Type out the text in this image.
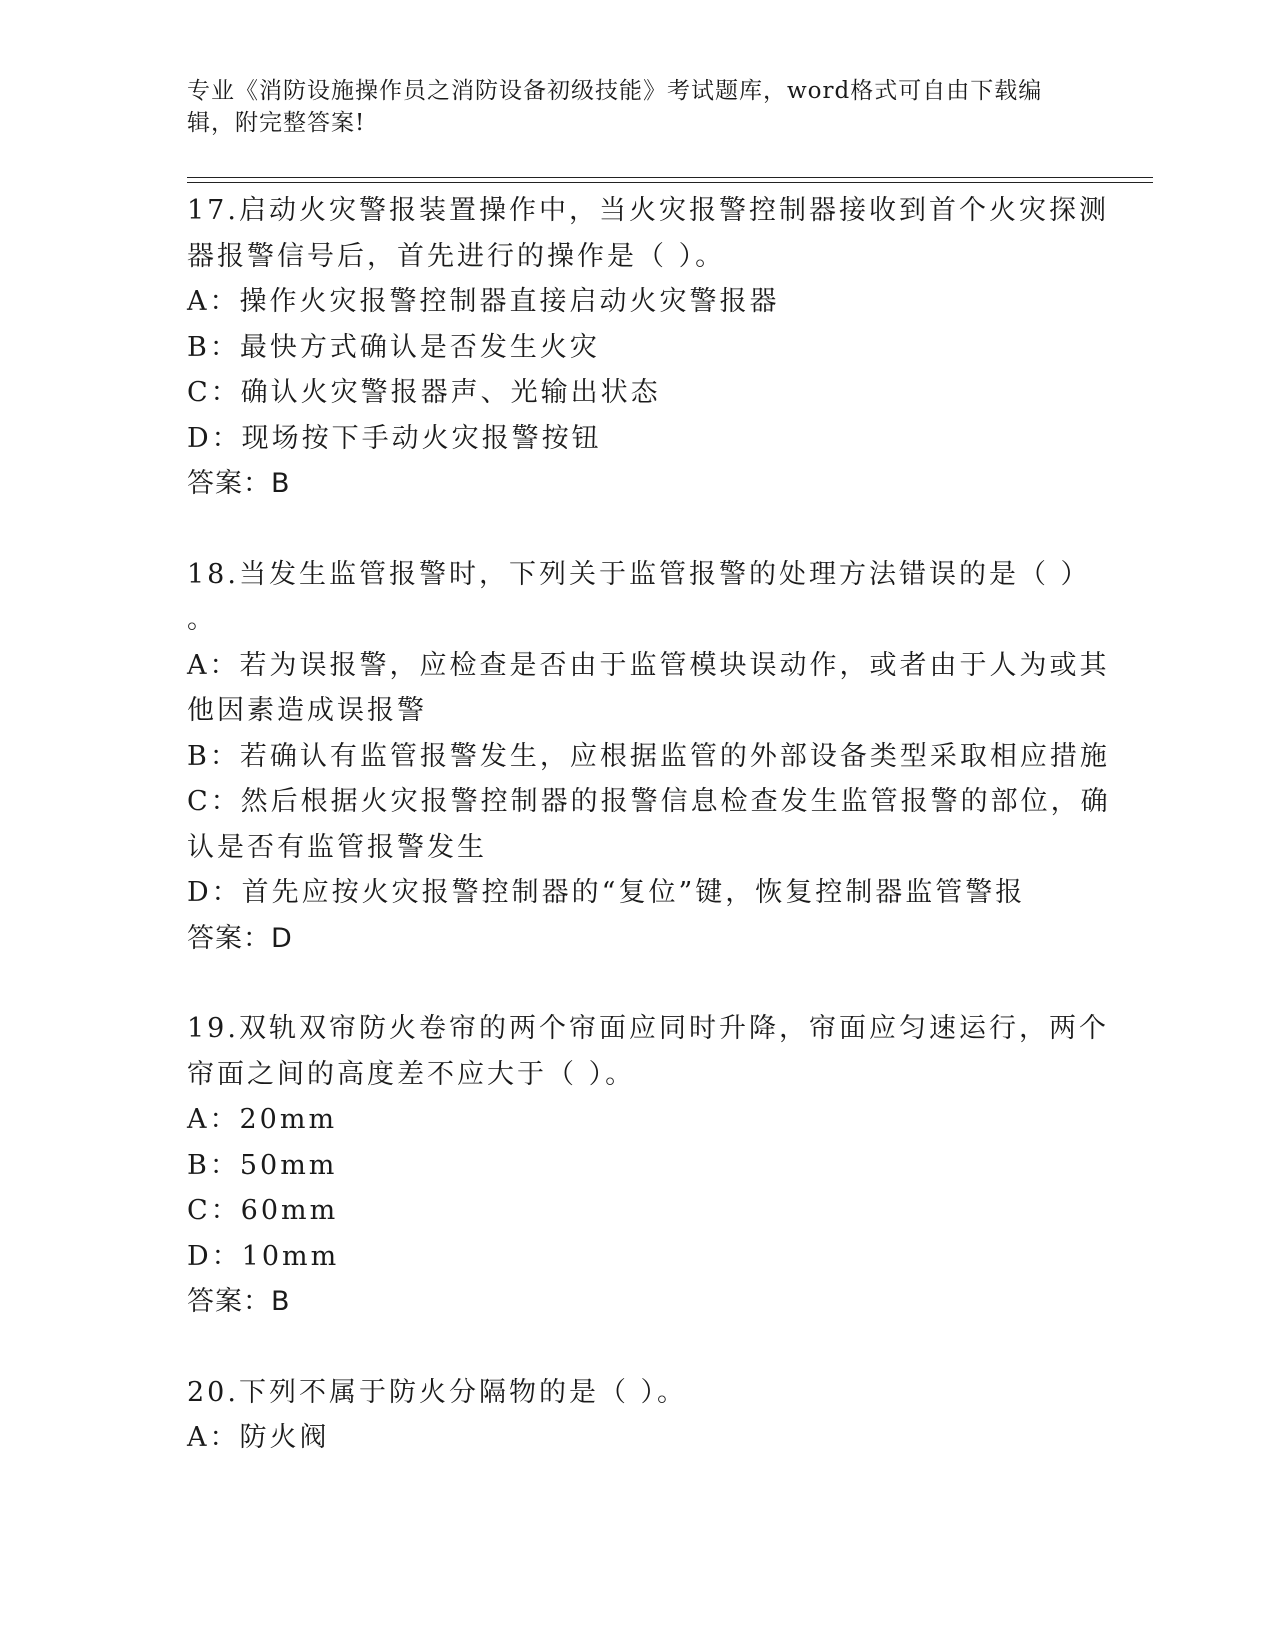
专业《消防设施操作员之消防设备初级技能》考试题库，word格式可自由下载编
辑，附完整答案!
17.启动火灾警报装置操作中，当火灾报警控制器接收到首个火灾探测
器报警信号后，首先进行的操作是（ ）。
A：操作火灾报警控制器直接启动火灾警报器
B：最快方式确认是否发生火灾
C：确认火灾警报器声、光输出状态
D：现场按下手动火灾报警按钮
答案：B
18.当发生监管报警时，下列关于监管报警的处理方法错误的是（ ）
。
A：若为误报警，应检查是否由于监管模块误动作，或者由于人为或其
他因素造成误报警
B：若确认有监管报警发生，应根据监管的外部设备类型采取相应措施
C：然后根据火灾报警控制器的报警信息检查发生监管报警的部位，确
认是否有监管报警发生
D：首先应按火灾报警控制器的“复位”键，恢复控制器监管警报
答案：D
19.双轨双帘防火卷帘的两个帘面应同时升降，帘面应匀速运行，两个
帘面之间的高度差不应大于（ ）。
A：20mm
B：50mm
C：60mm
D：10mm
答案：B
20.下列不属于防火分隔物的是（ ）。
A：防火阀
